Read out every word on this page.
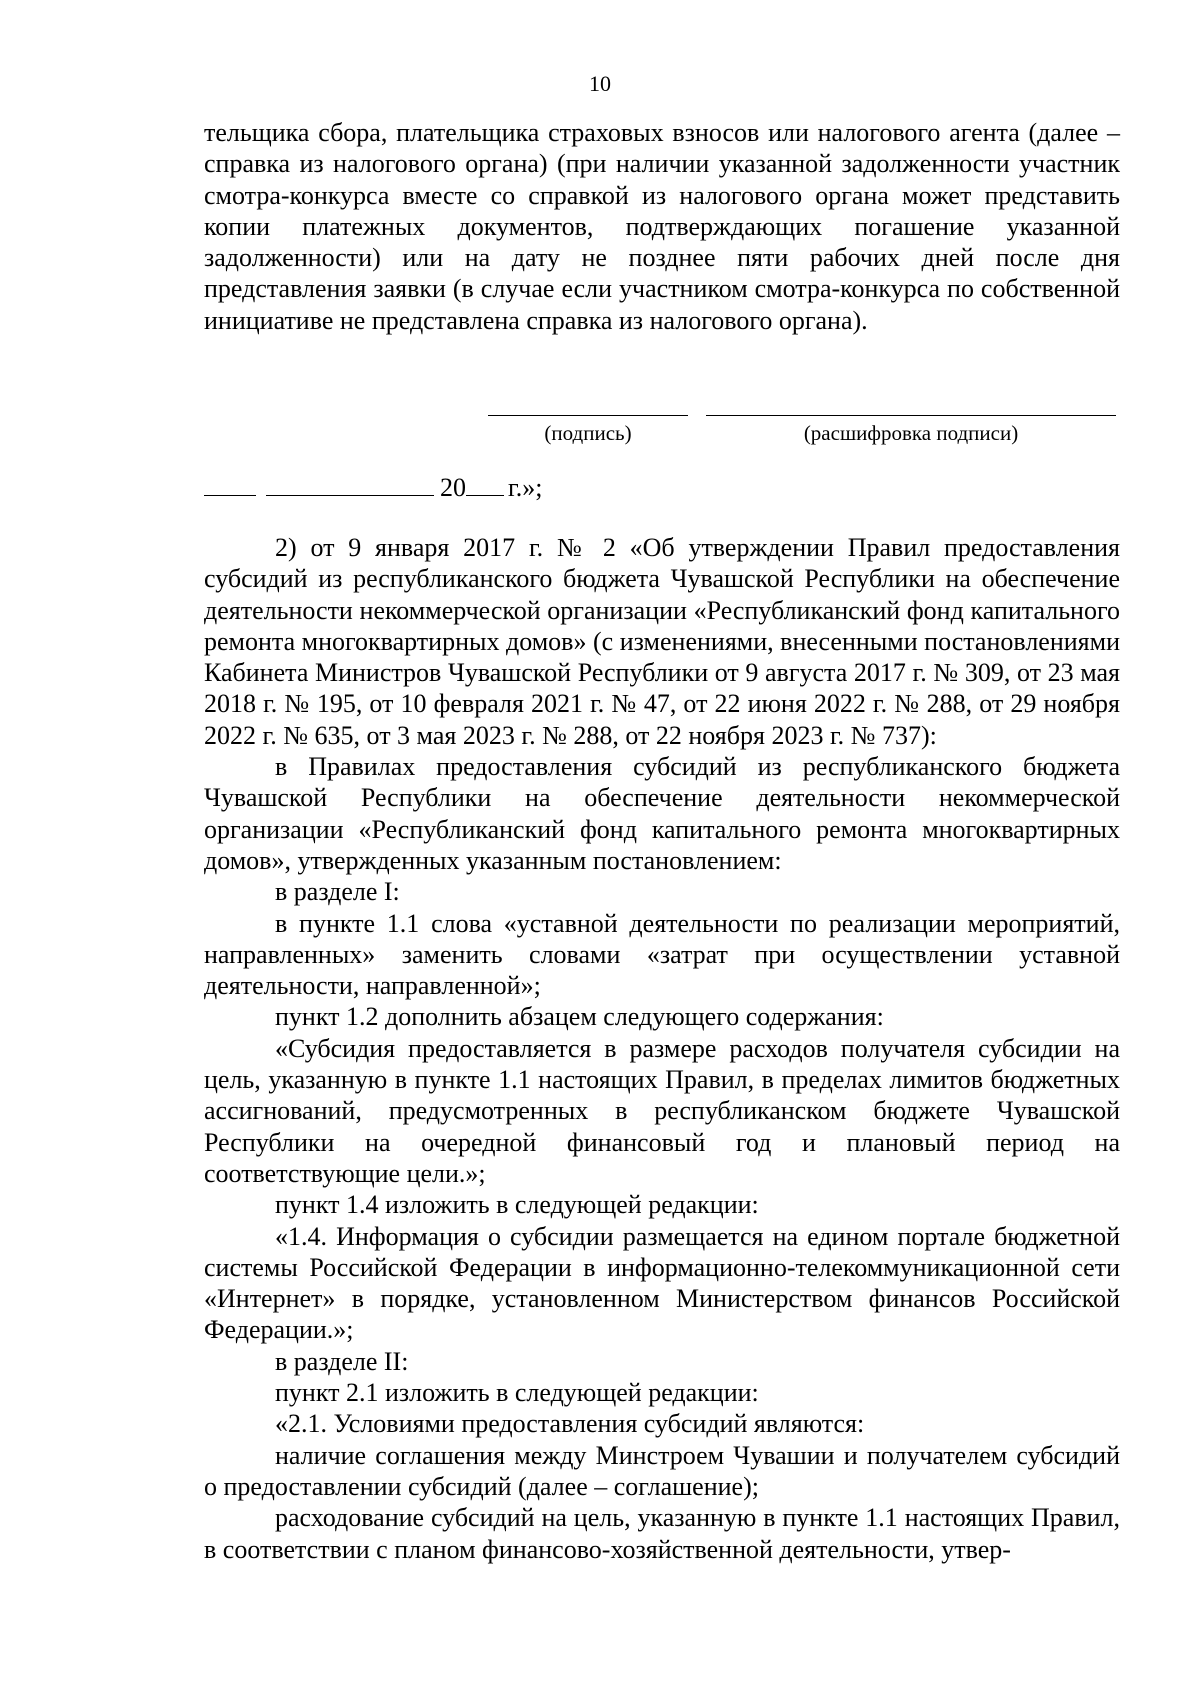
10

тельщика сбора, плательщика страховых взносов или налогового агента (далее – справка из налогового органа) (при наличии указанной задолженности участник смотра-конкурса вместе со справкой из налогового органа может представить копии платежных документов, подтверждающих погашение указанной задолженности) или на дату не позднее пяти рабочих дней после дня представления заявки (в случае если участником смотра-конкурса по собственной инициативе не представлена справка из налогового органа).

(подпись)	(расшифровка подписи)
20 г.»;

2) от 9 января 2017 г. № 2 «Об утверждении Правил предоставления субсидий из республиканского бюджета Чувашской Республики на обеспечение деятельности некоммерческой организации «Республиканский фонд капитального ремонта многоквартирных домов» (с изменениями, внесенными постановлениями Кабинета Министров Чувашской Республики от 9 августа 2017 г. № 309, от 23 мая 2018 г. № 195, от 10 февраля 2021 г. № 47, от 22 июня 2022 г. № 288, от 29 ноября 2022 г. № 635, от 3 мая 2023 г. № 288, от 22 ноября 2023 г. № 737):

в Правилах предоставления субсидий из республиканского бюджета Чувашской Республики на обеспечение деятельности некоммерческой организации «Республиканский фонд капитального ремонта многоквартирных домов», утвержденных указанным постановлением:

в разделе I:

в пункте 1.1 слова «уставной деятельности по реализации мероприятий, направленных» заменить словами «затрат при осуществлении уставной деятельности, направленной»;

пункт 1.2 дополнить абзацем следующего содержания:

«Субсидия предоставляется в размере расходов получателя субсидии на цель, указанную в пункте 1.1 настоящих Правил, в пределах лимитов бюджетных ассигнований, предусмотренных в республиканском бюджете Чувашской Республики на очередной финансовый год и плановый период на соответствующие цели.»;

пункт 1.4 изложить в следующей редакции:

«1.4. Информация о субсидии размещается на едином портале бюджетной системы Российской Федерации в информационно-телекоммуникационной сети «Интернет» в порядке, установленном Министерством финансов Российской Федерации.»;

в разделе II:

пункт 2.1 изложить в следующей редакции:

«2.1. Условиями предоставления субсидий являются:

наличие соглашения между Минстроем Чувашии и получателем субсидий о предоставлении субсидий (далее – соглашение);

расходование субсидий на цель, указанную в пункте 1.1 настоящих Правил, в соответствии с планом финансово-хозяйственной деятельности, утвер-
